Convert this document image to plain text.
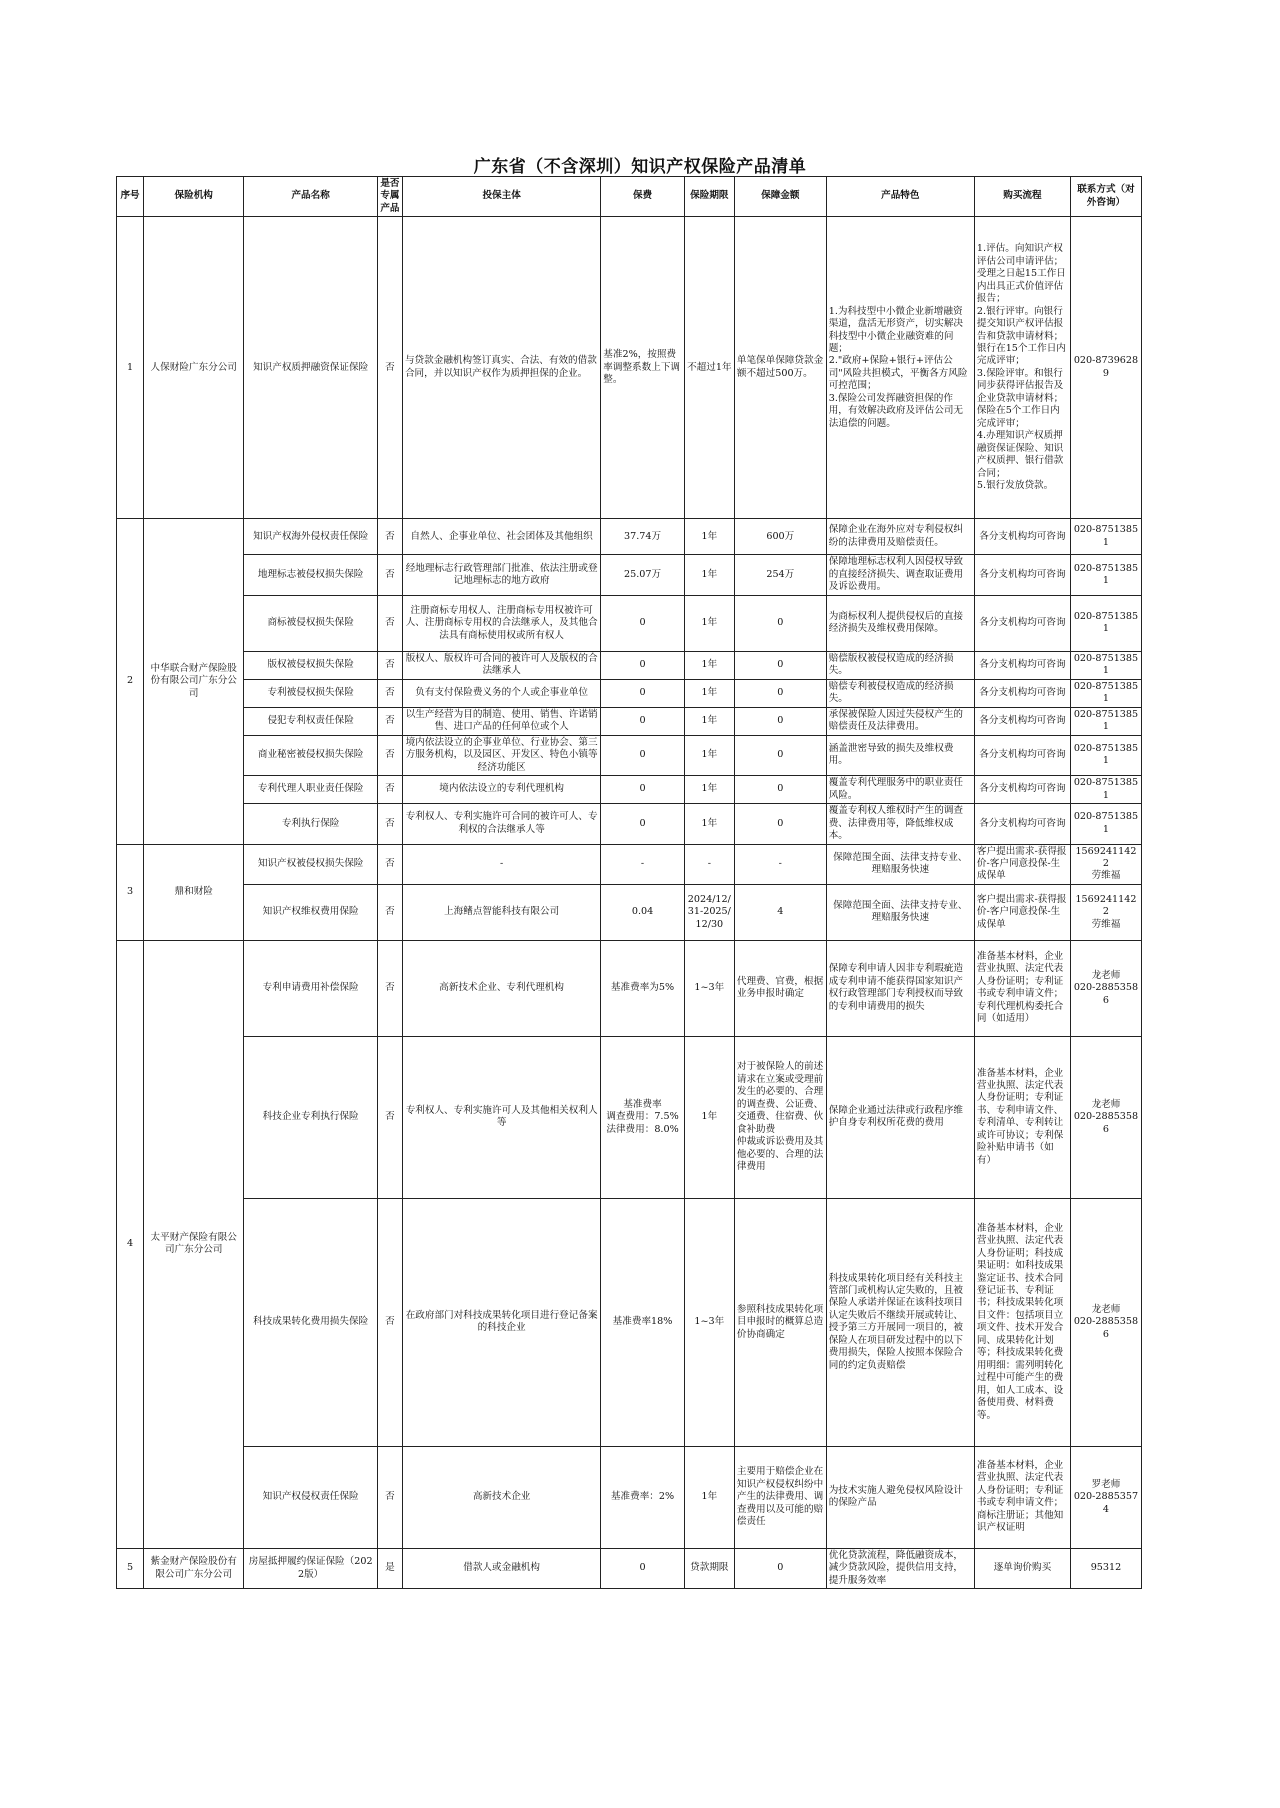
广东省（不含深圳）知识产权保险产品清单
序号	保险机构	产品名称	是否专属产品	投保主体	保费	保险期限	保障金额	产品特色	购买流程	联系方式（对外咨询）
1	人保财险广东分公司	知识产权质押融资保证保险	否	与贷款金融机构签订真实、合法、有效的借款合同，并以知识产权作为质押担保的企业。	基准2%，按照费率调整系数上下调整。	不超过1年	单笔保单保障贷款金额不超过500万。	1.为科技型中小微企业新增融资渠道，盘活无形资产，切实解决科技型中小微企业融资难的问题；
2."政府+保险+银行+评估公司"风险共担模式，平衡各方风险可控范围；
3.保险公司发挥融资担保的作用，有效解决政府及评估公司无法追偿的问题。	1.评估。向知识产权评估公司申请评估；受理之日起15工作日内出具正式价值评估报告；
2.银行评审。向银行提交知识产权评估报告和贷款申请材料；银行在15个工作日内完成评审；
3.保险评审。和银行同步获得评估报告及企业贷款申请材料；保险在5个工作日内完成评审；
4.办理知识产权质押融资保证保险、知识产权质押、银行借款合同；
5.银行发放贷款。	020-87396289
2	中华联合财产保险股份有限公司广东分公司	知识产权海外侵权责任保险	否	自然人、企事业单位、社会团体及其他组织	37.74万	1年	600万	保障企业在海外应对专利侵权纠纷的法律费用及赔偿责任。	各分支机构均可咨询	020-87513851
		地理标志被侵权损失保险	否	经地理标志行政管理部门批准、依法注册或登记地理标志的地方政府	25.07万	1年	254万	保障地理标志权利人因侵权导致的直接经济损失、调查取证费用及诉讼费用。	各分支机构均可咨询	020-87513851
		商标被侵权损失保险	否	注册商标专用权人、注册商标专用权被许可人、注册商标专用权的合法继承人，及其他合法具有商标使用权或所有权人	0	1年	0	为商标权利人提供侵权后的直接经济损失及维权费用保障。	各分支机构均可咨询	020-87513851
		版权被侵权损失保险	否	版权人、版权许可合同的被许可人及版权的合法继承人	0	1年	0	赔偿版权被侵权造成的经济损失。	各分支机构均可咨询	020-87513851
		专利被侵权损失保险	否	负有支付保险费义务的个人或企事业单位	0	1年	0	赔偿专利被侵权造成的经济损失。	各分支机构均可咨询	020-87513851
		侵犯专利权责任保险	否	以生产经营为目的制造、使用、销售、许诺销售、进口产品的任何单位或个人	0	1年	0	承保被保险人因过失侵权产生的赔偿责任及法律费用。	各分支机构均可咨询	020-87513851
		商业秘密被侵权损失保险	否	境内依法设立的企事业单位、行业协会、第三方服务机构，以及园区、开发区、特色小镇等经济功能区	0	1年	0	涵盖泄密导致的损失及维权费用。	各分支机构均可咨询	020-87513851
		专利代理人职业责任保险	否	境内依法设立的专利代理机构	0	1年	0	覆盖专利代理服务中的职业责任风险。	各分支机构均可咨询	020-87513851
		专利执行保险	否	专利权人、专利实施许可合同的被许可人、专利权的合法继承人等	0	1年	0	覆盖专利权人维权时产生的调查费、法律费用等，降低维权成本。	各分支机构均可咨询	020-87513851
3	鼎和财险	知识产权被侵权损失保险	否	-	-	-	-	保障范围全面、法律支持专业、理赔服务快速	客户提出需求-获得报价-客户同意投保-生成保单	15692411422
劳维福
		知识产权维权费用保险	否	上海鳍点智能科技有限公司	0.04	2024/12/31-2025/12/30	4	保障范围全面、法律支持专业、理赔服务快速	客户提出需求-获得报价-客户同意投保-生成保单	15692411422
劳维福
4	太平财产保险有限公司广东分公司	专利申请费用补偿保险	否	高新技术企业、专利代理机构	基准费率为5%	1~3年	代理费、官费，根据业务申报时确定	保障专利申请人因非专利瑕疵造成专利申请不能获得国家知识产权行政管理部门专利授权而导致的专利申请费用的损失	准备基本材料，企业营业执照、法定代表人身份证明；专利证书或专利申请文件；专利代理机构委托合同（如适用）	龙老师
020-28853586
		科技企业专利执行保险	否	专利权人、专利实施许可人及其他相关权利人等	基准费率
调查费用：7.5%
法律费用：8.0%	1年	对于被保险人的前述请求在立案或受理前发生的必要的、合理的调查费、公证费、交通费、住宿费、伙食补助费
仲裁或诉讼费用及其他必要的、合理的法律费用	保障企业通过法律或行政程序维护自身专利权所花费的费用	准备基本材料，企业营业执照、法定代表人身份证明；专利证书、专利申请文件、专利清单、专利转让或许可协议；专利保险补贴申请书（如有）	龙老师
020-28853586
		科技成果转化费用损失保险	否	在政府部门对科技成果转化项目进行登记备案的科技企业	基准费率18%	1~3年	参照科技成果转化项目申报时的概算总造价协商确定	科技成果转化项目经有关科技主管部门或机构认定失败的，且被保险人承诺并保证在该科技项目认定失败后不继续开展或转让、授予第三方开展同一项目的，被保险人在项目研发过程中的以下费用损失，保险人按照本保险合同的约定负责赔偿	准备基本材料，企业营业执照、法定代表人身份证明；科技成果证明：如科技成果鉴定证书、技术合同登记证书、专利证书；科技成果转化项目文件：包括项目立项文件、技术开发合同、成果转化计划等；科技成果转化费用明细：需列明转化过程中可能产生的费用，如人工成本、设备使用费、材料费等。	龙老师
020-28853586
		知识产权侵权责任保险	否	高新技术企业	基准费率：2%	1年	主要用于赔偿企业在知识产权侵权纠纷中产生的法律费用、调查费用以及可能的赔偿责任	为技术实施人避免侵权风险设计的保险产品	准备基本材料，企业营业执照、法定代表人身份证明；专利证书或专利申请文件；商标注册证；其他知识产权证明	罗老师
020-28853574
5	紫金财产保险股份有限公司广东分公司	房屋抵押履约保证保险（2022版）	是	借款人或金融机构	0	贷款期限	0	优化贷款流程，降低融资成本，减少贷款风险，提供信用支持，提升服务效率	逐单询价购买	95312
